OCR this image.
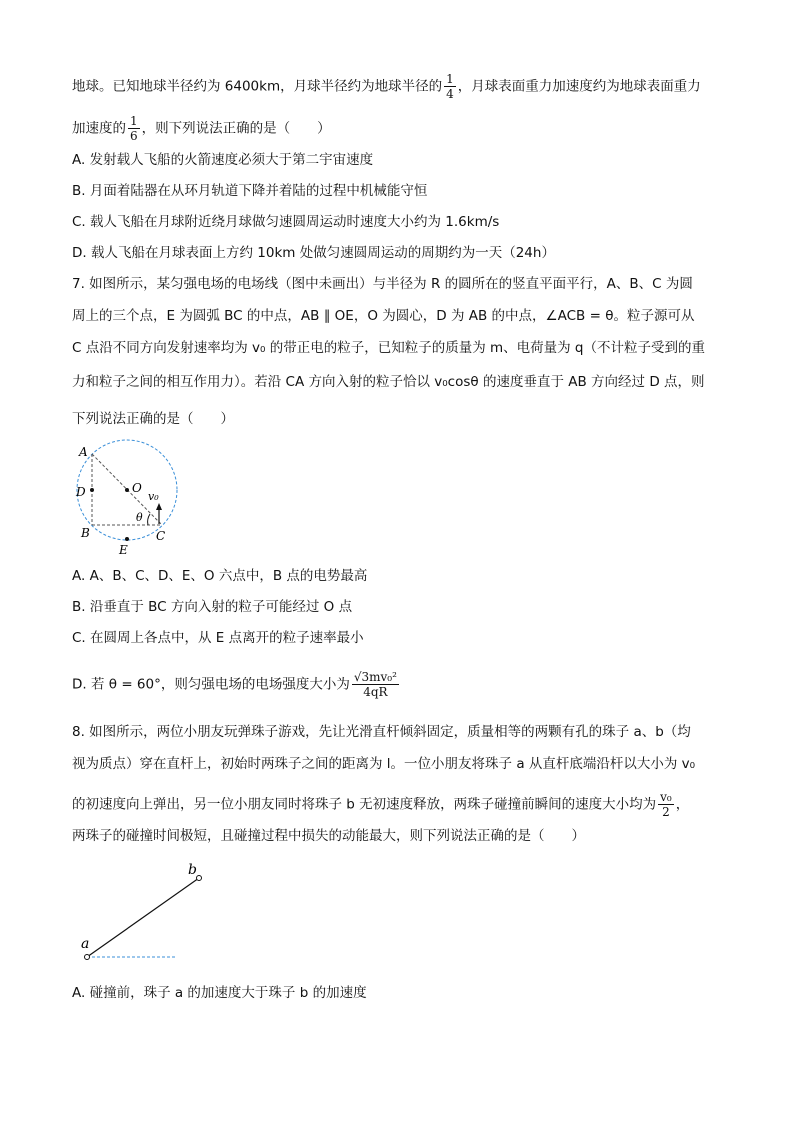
地球。已知地球半径约为 6400km，月球半径约为地球半径的 $\frac{1}{4}$ ，月球表面重力加速度约为地球表面重力
加速度的 $\frac{1}{6}$ ，则下列说法正确的是（　　）
A. 发射载人飞船的火箭速度必须大于第二宇宙速度
B. 月面着陆器在从环月轨道下降并着陆的过程中机械能守恒
C. 载人飞船在月球附近绕月球做匀速圆周运动时速度大小约为 1.6km/s
D. 载人飞船在月球表面上方约 10km 处做匀速圆周运动的周期约为一天（24h）
7. 如图所示，某匀强电场的电场线（图中未画出）与半径为 R 的圆所在的竖直平面平行，A、B、C 为圆
周上的三个点，E 为圆弧 BC 的中点，AB ∥ OE，O 为圆心，D 为 AB 的中点，∠ACB = θ。粒子源可从
C 点沿不同方向发射速率均为 v₀ 的带正电的粒子，已知粒子的质量为 m、电荷量为 q（不计粒子受到的重
力和粒子之间的相互作用力）。若沿 CA 方向入射的粒子恰以 v₀cosθ 的速度垂直于 AB 方向经过 D 点，则
下列说法正确的是（　　）
A
D	O
v₀
θ
B	C
E
A. A、B、C、D、E、O 六点中，B 点的电势最高
B. 沿垂直于 BC 方向入射的粒子可能经过 O 点
C. 在圆周上各点中，从 E 点离开的粒子速率最小
D. 若 θ = 60°，则匀强电场的电场强度大小为 $\frac{\text{√3mv₀²}}{4qR}$
8. 如图所示，两位小朋友玩弹珠子游戏，先让光滑直杆倾斜固定，质量相等的两颗有孔的珠子 a、b（均
视为质点）穿在直杆上，初始时两珠子之间的距离为 l。一位小朋友将珠子 a 从直杆底端沿杆以大小为 v₀
的初速度向上弹出，另一位小朋友同时将珠子 b 无初速度释放，两珠子碰撞前瞬间的速度大小均为 $\frac{\text{v₀}}{2}$ ，
两珠子的碰撞时间极短，且碰撞过程中损失的动能最大，则下列说法正确的是（　　）
a
b
A. 碰撞前，珠子 a 的加速度大于珠子 b 的加速度
